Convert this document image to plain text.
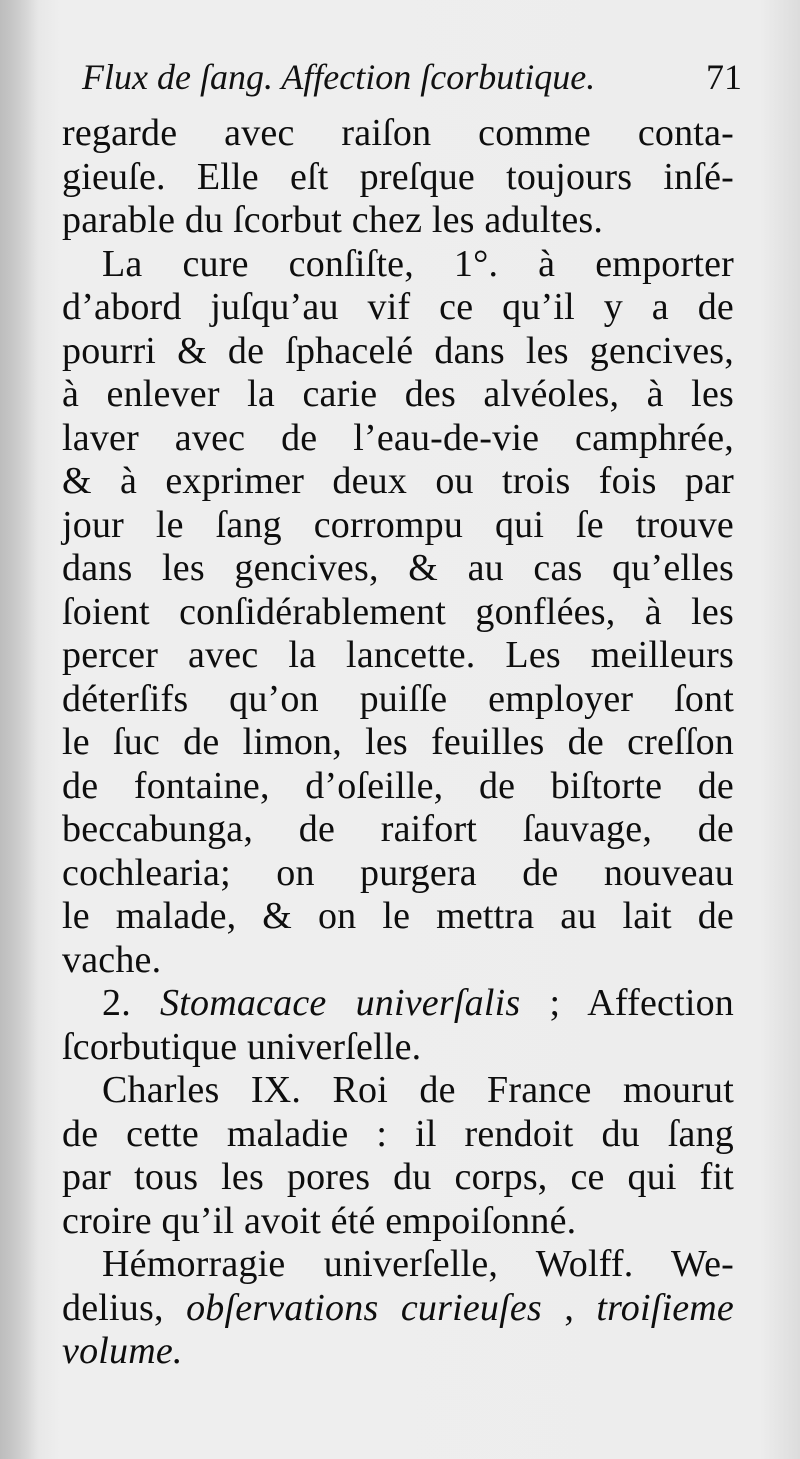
Flux de ſang. Affection ſcorbutique.	71
regarde avec raiſon comme conta-
gieuſe. Elle eſt preſque toujours inſé-
parable du ſcorbut chez les adultes.
La cure conſiſte, 1°. à emporter
d’abord juſqu’au vif ce qu’il y a de
pourri & de ſphacelé dans les gencives,
à enlever la carie des alvéoles, à les
laver avec de l’eau-de-vie camphrée,
& à exprimer deux ou trois fois par
jour le ſang corrompu qui ſe trouve
dans les gencives, & au cas qu’elles
ſoient conſidérablement gonflées, à les
percer avec la lancette. Les meilleurs
déterſifs qu’on puiſſe employer ſont
le ſuc de limon, les feuilles de creſſon
de fontaine, d’oſeille, de biſtorte de
beccabunga, de raifort ſauvage, de
cochlearia; on purgera de nouveau
le malade, & on le mettra au lait de
vache.
2. Stomacace univerſalis ; Affection
ſcorbutique univerſelle.
Charles IX. Roi de France mourut
de cette maladie : il rendoit du ſang
par tous les pores du corps, ce qui fit
croire qu’il avoit été empoiſonné.
Hémorragie univerſelle, Wolff. We-
delius, obſervations curieuſes , troiſieme
volume.
